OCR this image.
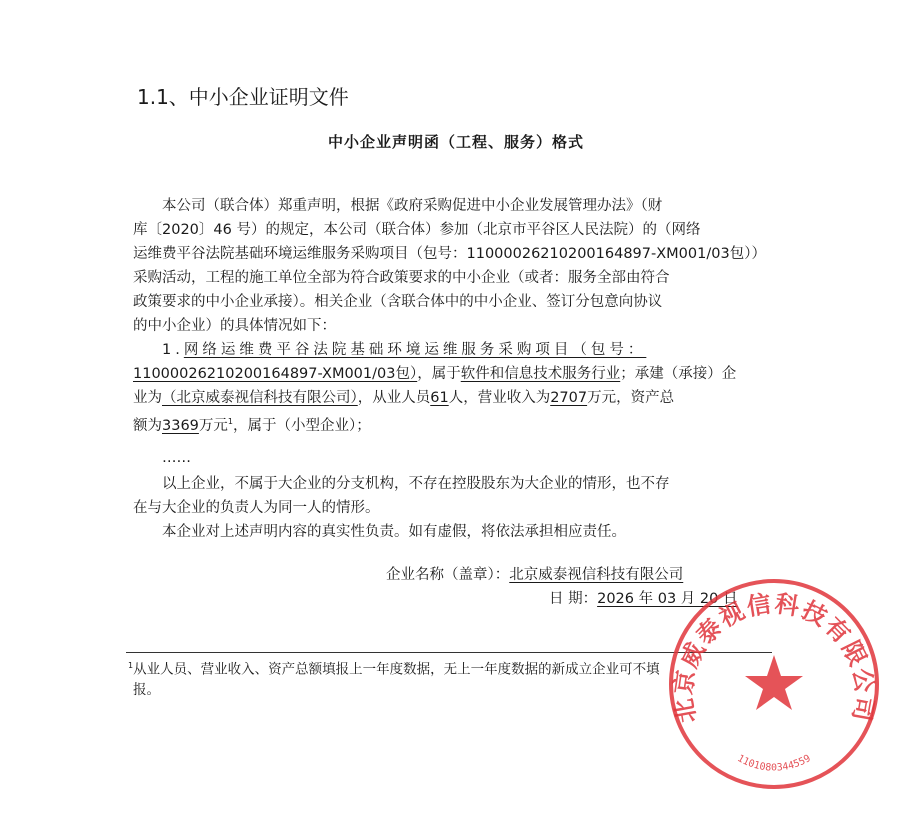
1.1、中小企业证明文件
中小企业声明函（工程、服务）格式
本公司（联合体）郑重声明，根据《政府采购促进中小企业发展管理办法》（财
库〔2020〕46 号）的规定，本公司（联合体）参加（北京市平谷区人民法院）的（网络
运维费平谷法院基础环境运维服务采购项目（包号：11000026210200164897-XM001/03包））
采购活动，工程的施工单位全部为符合政策要求的中小企业（或者：服务全部由符合
政策要求的中小企业承接）。相关企业（含联合体中的中小企业、签订分包意向协议
的中小企业）的具体情况如下：
1.网络运维费平谷法院基础环境运维服务采购项目（包号：
11000026210200164897-XM001/03包），属于软件和信息技术服务行业；承建（承接）企
业为（北京威泰视信科技有限公司），从业人员61人，营业收入为2707万元，资产总
额为3369万元$^1$，属于（小型企业）；
……
以上企业，不属于大企业的分支机构，不存在控股股东为大企业的情形，也不存
在与大企业的负责人为同一人的情形。
本企业对上述声明内容的真实性负责。如有虚假，将依法承担相应责任。
企业名称（盖章）：北京威泰视信科技有限公司
日 期：2026 年 03 月 20 日
$^1$从业人员、营业收入、资产总额填报上一年度数据，无上一年度数据的新成立企业可不填
报。
北京威泰视信科技有限公司
1101080344559
